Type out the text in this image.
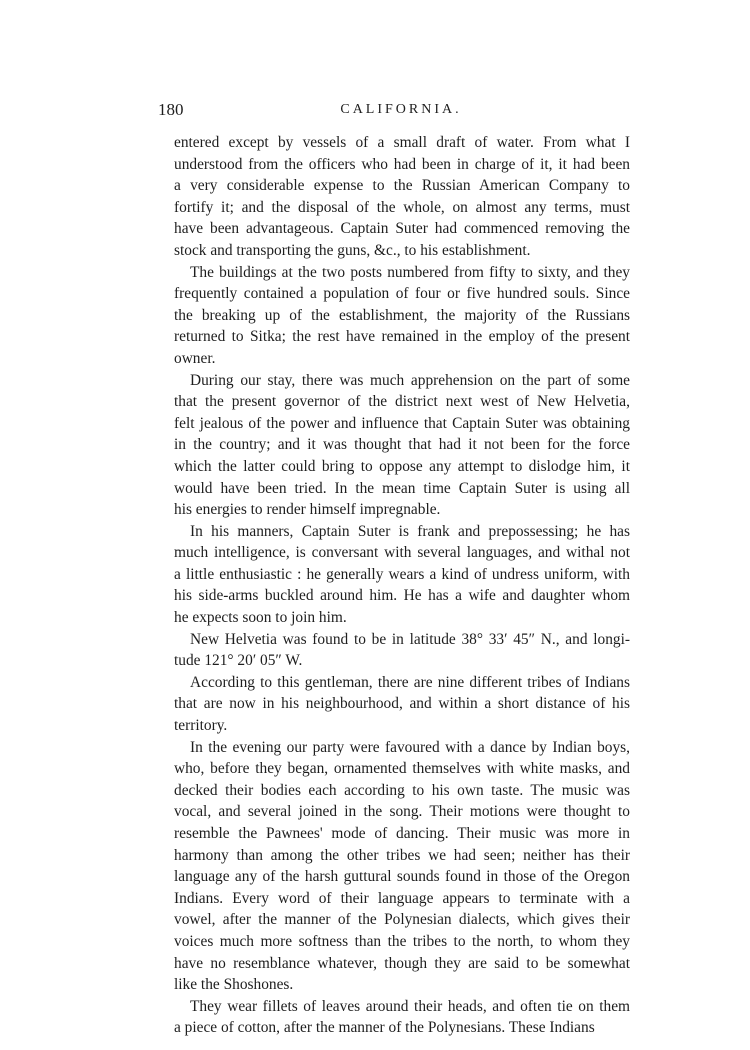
180	CALIFORNIA.
entered except by vessels of a small draft of water. From what I
understood from the officers who had been in charge of it, it had been
a very considerable expense to the Russian American Company to
fortify it; and the disposal of the whole, on almost any terms, must
have been advantageous. Captain Suter had commenced removing the
stock and transporting the guns, &c., to his establishment.
The buildings at the two posts numbered from fifty to sixty, and they
frequently contained a population of four or five hundred souls. Since
the breaking up of the establishment, the majority of the Russians
returned to Sitka; the rest have remained in the employ of the present
owner.
During our stay, there was much apprehension on the part of some
that the present governor of the district next west of New Helvetia,
felt jealous of the power and influence that Captain Suter was obtaining
in the country; and it was thought that had it not been for the force
which the latter could bring to oppose any attempt to dislodge him, it
would have been tried. In the mean time Captain Suter is using all
his energies to render himself impregnable.
In his manners, Captain Suter is frank and prepossessing; he has
much intelligence, is conversant with several languages, and withal not
a little enthusiastic : he generally wears a kind of undress uniform, with
his side-arms buckled around him. He has a wife and daughter whom
he expects soon to join him.
New Helvetia was found to be in latitude 38° 33′ 45″ N., and longi-
tude 121° 20′ 05″ W.
According to this gentleman, there are nine different tribes of Indians
that are now in his neighbourhood, and within a short distance of his
territory.
In the evening our party were favoured with a dance by Indian boys,
who, before they began, ornamented themselves with white masks, and
decked their bodies each according to his own taste. The music was
vocal, and several joined in the song. Their motions were thought to
resemble the Pawnees' mode of dancing. Their music was more in
harmony than among the other tribes we had seen; neither has their
language any of the harsh guttural sounds found in those of the Oregon
Indians. Every word of their language appears to terminate with a
vowel, after the manner of the Polynesian dialects, which gives their
voices much more softness than the tribes to the north, to whom they
have no resemblance whatever, though they are said to be somewhat
like the Shoshones.
They wear fillets of leaves around their heads, and often tie on them
a piece of cotton, after the manner of the Polynesians. These Indians
